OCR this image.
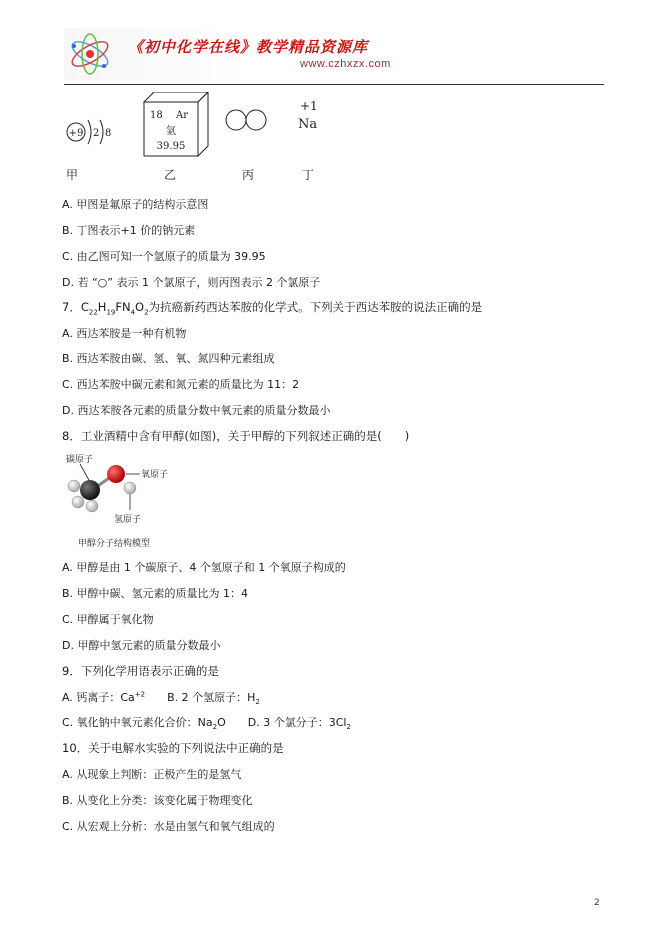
《初中化学在线》教学精品资源库
www.czhxzx.com
+9 2 8
18 Ar
氩
39.95
+1
Na
甲	乙	丙	丁
A. 甲图是氟原子的结构示意图
B. 丁图表示+1 价的钠元素
C. 由乙图可知一个氩原子的质量为 39.95
D. 若 “○” 表示 1 个氯原子，则丙图表示 2 个氯原子
7．$C_{22}H_{19}FN_4O_2$为抗癌新药西达苯胺的化学式。下列关于西达苯胺的说法正确的是
A. 西达苯胺是一种有机物
B. 西达苯胺由碳、氢、氧、氮四种元素组成
C. 西达苯胺中碳元素和氮元素的质量比为 11：2
D. 西达苯胺各元素的质量分数中氧元素的质量分数最小
8．工业酒精中含有甲醇(如图)，关于甲醇的下列叙述正确的是(　　)
碳原子
氧原子
氢原子
甲醇分子结构模型
A. 甲醇是由 1 个碳原子、4 个氢原子和 1 个氧原子构成的
B. 甲醇中碳、氢元素的质量比为 1：4
C. 甲醇属于氧化物
D. 甲醇中氢元素的质量分数最小
9．下列化学用语表示正确的是
A. 钙离子：$Ca^{+2}$　　 B. 2 个氢原子：$H_2$
C. 氧化钠中氧元素化合价：$Na_2O$　　 D. 3 个氯分子：$3Cl_2$
10．关于电解水实验的下列说法中正确的是
A. 从现象上判断：正极产生的是氢气
B. 从变化上分类：该变化属于物理变化
C. 从宏观上分析：水是由氢气和氧气组成的
2
